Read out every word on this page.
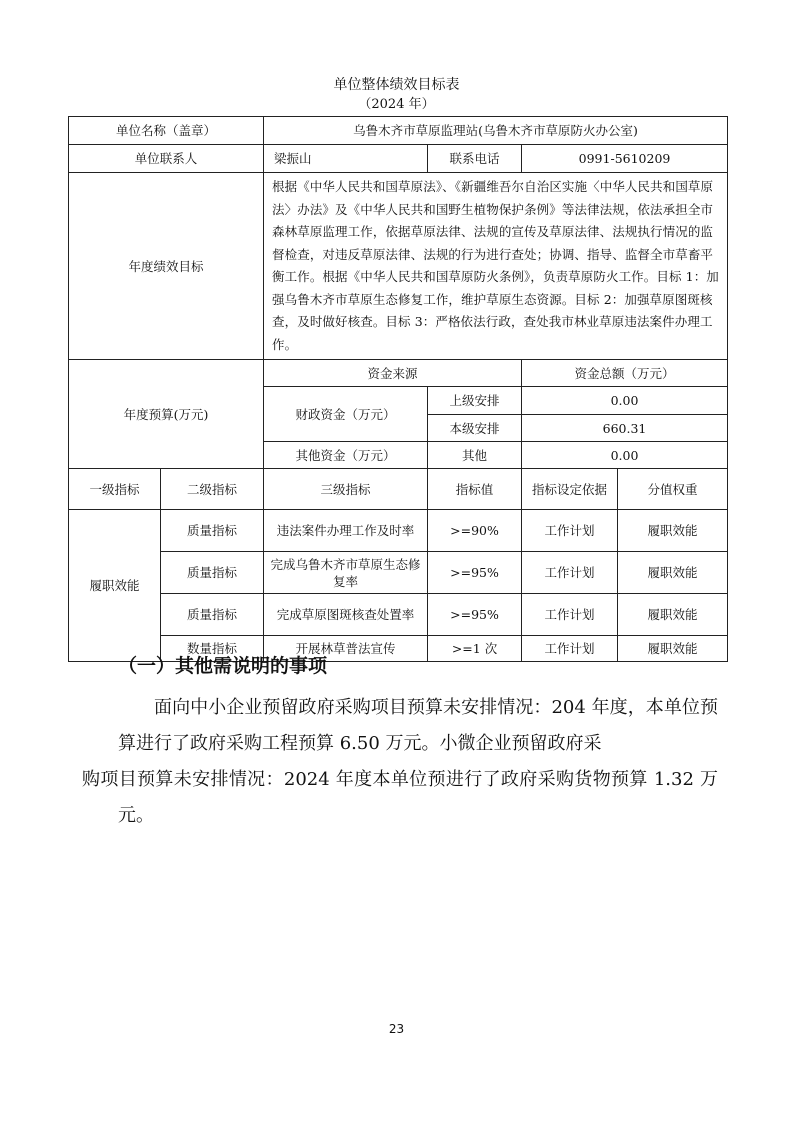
单位整体绩效目标表
（2024 年）
单位名称（盖章）		乌鲁木齐市草原监理站(乌鲁木齐市草原防火办公室)			
单位联系人		梁振山	联系电话	0991-5610209	
年度绩效目标		根据《中华人民共和国草原法》、《新疆维吾尔自治区实施〈中华人民共和国草原法〉办法》及《中华人民共和国野生植物保护条例》等法律法规，依法承担全市森林草原监理工作，依据草原法律、法规的宣传及草原法律、法规执行情况的监督检查，对违反草原法律、法规的行为进行查处；协调、指导、监督全市草畜平衡工作。根据《中华人民共和国草原防火条例》，负责草原防火工作。目标 1：加强乌鲁木齐市草原生态修复工作，维护草原生态资源。目标 2：加强草原图斑核查，及时做好核查。目标 3：严格依法行政，查处我市林业草原违法案件办理工作。			
年度预算(万元)		资金来源		资金总额（万元）	
		财政资金（万元）	上级安排	0.00	
			本级安排	660.31	
		其他资金（万元）	其他	0.00	
一级指标	二级指标	三级指标	指标值	指标设定依据	分值权重
履职效能	质量指标	违法案件办理工作及时率	>=90%	工作计划	履职效能
	质量指标	完成乌鲁木齐市草原生态修复率	>=95%	工作计划	履职效能
	质量指标	完成草原图斑核查处置率	>=95%	工作计划	履职效能
	数量指标	开展林草普法宣传	>=1 次	工作计划	履职效能
（一）其他需说明的事项
面向中小企业预留政府采购项目预算未安排情况：204 年度，本单位预算进行了政府采购工程预算 6.50 万元。小微企业预留政府采
购项目预算未安排情况：2024 年度本单位预进行了政府采购货物预算 1.32 万元。
23
